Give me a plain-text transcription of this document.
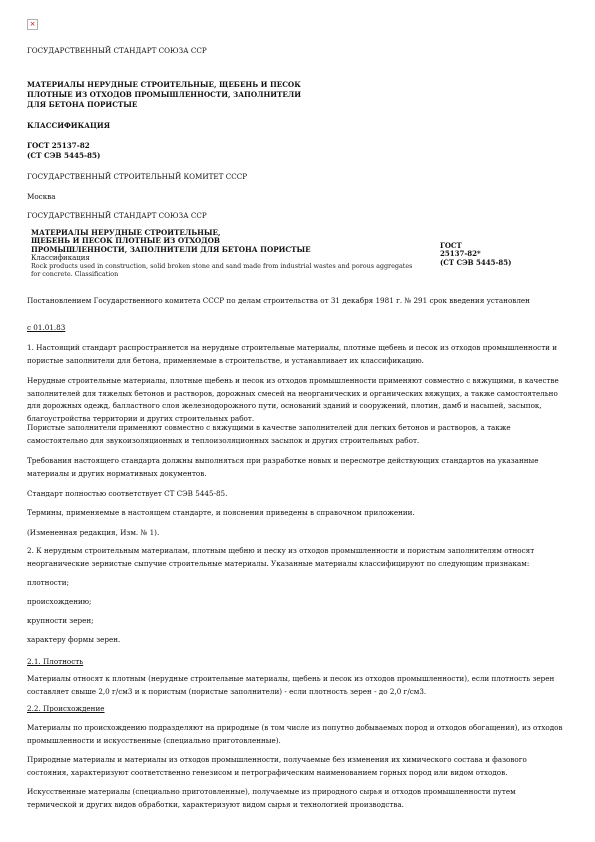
×

ГОСУДАРСТВЕННЫЙ СТАНДАРТ СОЮЗА ССР

МАТЕРИАЛЫ НЕРУДНЫЕ СТРОИТЕЛЬНЫЕ, ЩЕБЕНЬ И ПЕСОК

ПЛОТНЫЕ ИЗ ОТХОДОВ ПРОМЫШЛЕННОСТИ, ЗАПОЛНИТЕЛИ

ДЛЯ БЕТОНА ПОРИСТЫЕ

КЛАССИФИКАЦИЯ

ГОСТ 25137-82

(СТ СЭВ 5445-85)

ГОСУДАРСТВЕННЫЙ СТРОИТЕЛЬНЫЙ КОМИТЕТ СССР

Москва

ГОСУДАРСТВЕННЫЙ СТАНДАРТ СОЮЗА ССР

МАТЕРИАЛЫ НЕРУДНЫЕ СТРОИТЕЛЬНЫЕ,
ЩЕБЕНЬ И ПЕСОК ПЛОТНЫЕ ИЗ ОТХОДОВ
ПРОМЫШЛЕННОСТИ, ЗАПОЛНИТЕЛИ ДЛЯ БЕТОНА ПОРИСТЫЕ
Классификация
Rock products used in construction, solid broken stone and sand made from industrial wastes and porous aggregates
for concrete. Classification
ГОСТ
25137-82*
(СТ СЭВ 5445-85)

Постановлением Государственного комитета СССР по делам строительства от 31 декабря 1981 г. № 291 срок введения установлен

с 01.01.83

1. Настоящий стандарт распространяется на нерудные строительные материалы, плотные щебень и песок из отходов промышленности и пористые заполнители для бетона, применяемые в строительстве, и устанавливает их классификацию.

Нерудные строительные материалы, плотные щебень и песок из отходов промышленности применяют совместно с вяжущими, в качестве заполнителей для тяжелых бетонов и растворов, дорожных смесей на неорганических и органических вяжущих, а также самостоятельно для дорожных одежд, балластного слоя железнодорожного пути, оснований зданий и сооружений, плотин, дамб и насыпей, засыпок, благоустройства территории и других строительных работ.

Пористые заполнители применяют совместно с вяжущими в качестве заполнителей для легких бетонов и растворов, а также самостоятельно для звукоизоляционных и теплоизоляционных засыпок и других строительных работ.

Требования настоящего стандарта должны выполняться при разработке новых и пересмотре действующих стандартов на указанные материалы и других нормативных документов.

Стандарт полностью соответствует СТ СЭВ 5445-85.

Термины, применяемые в настоящем стандарте, и пояснения приведены в справочном приложении.

(Измененная редакция, Изм. № 1).

2. К нерудным строительным материалам, плотным щебню и песку из отходов промышленности и пористым заполнителям относят неорганические зернистые сыпучие строительные материалы. Указанные материалы классифицируют по следующим признакам:

плотности;

происхождению;

крупности зерен;

характеру формы зерен.

2.1. Плотность

Материалы относят к плотным (нерудные строительные материалы, щебень и песок из отходов промышленности), если плотность зерен составляет свыше 2,0 г/см3 и к пористым (пористые заполнители) - если плотность зерен - до 2,0 г/см3.

2.2. Происхождение

Материалы по происхождению подразделяют на природные (в том числе из попутно добываемых пород и отходов обогащения), из отходов промышленности и искусственные (специально приготовленные).

Природные материалы и материалы из отходов промышленности, получаемые без изменения их химического состава и фазового состояния, характеризуют соответственно генезисом и петрографическим наименованием горных пород или видом отходов.

Искусственные материалы (специально приготовленные), получаемые из природного сырья и отходов промышленности путем термической и других видов обработки, характеризуют видом сырья и технологией производства.
